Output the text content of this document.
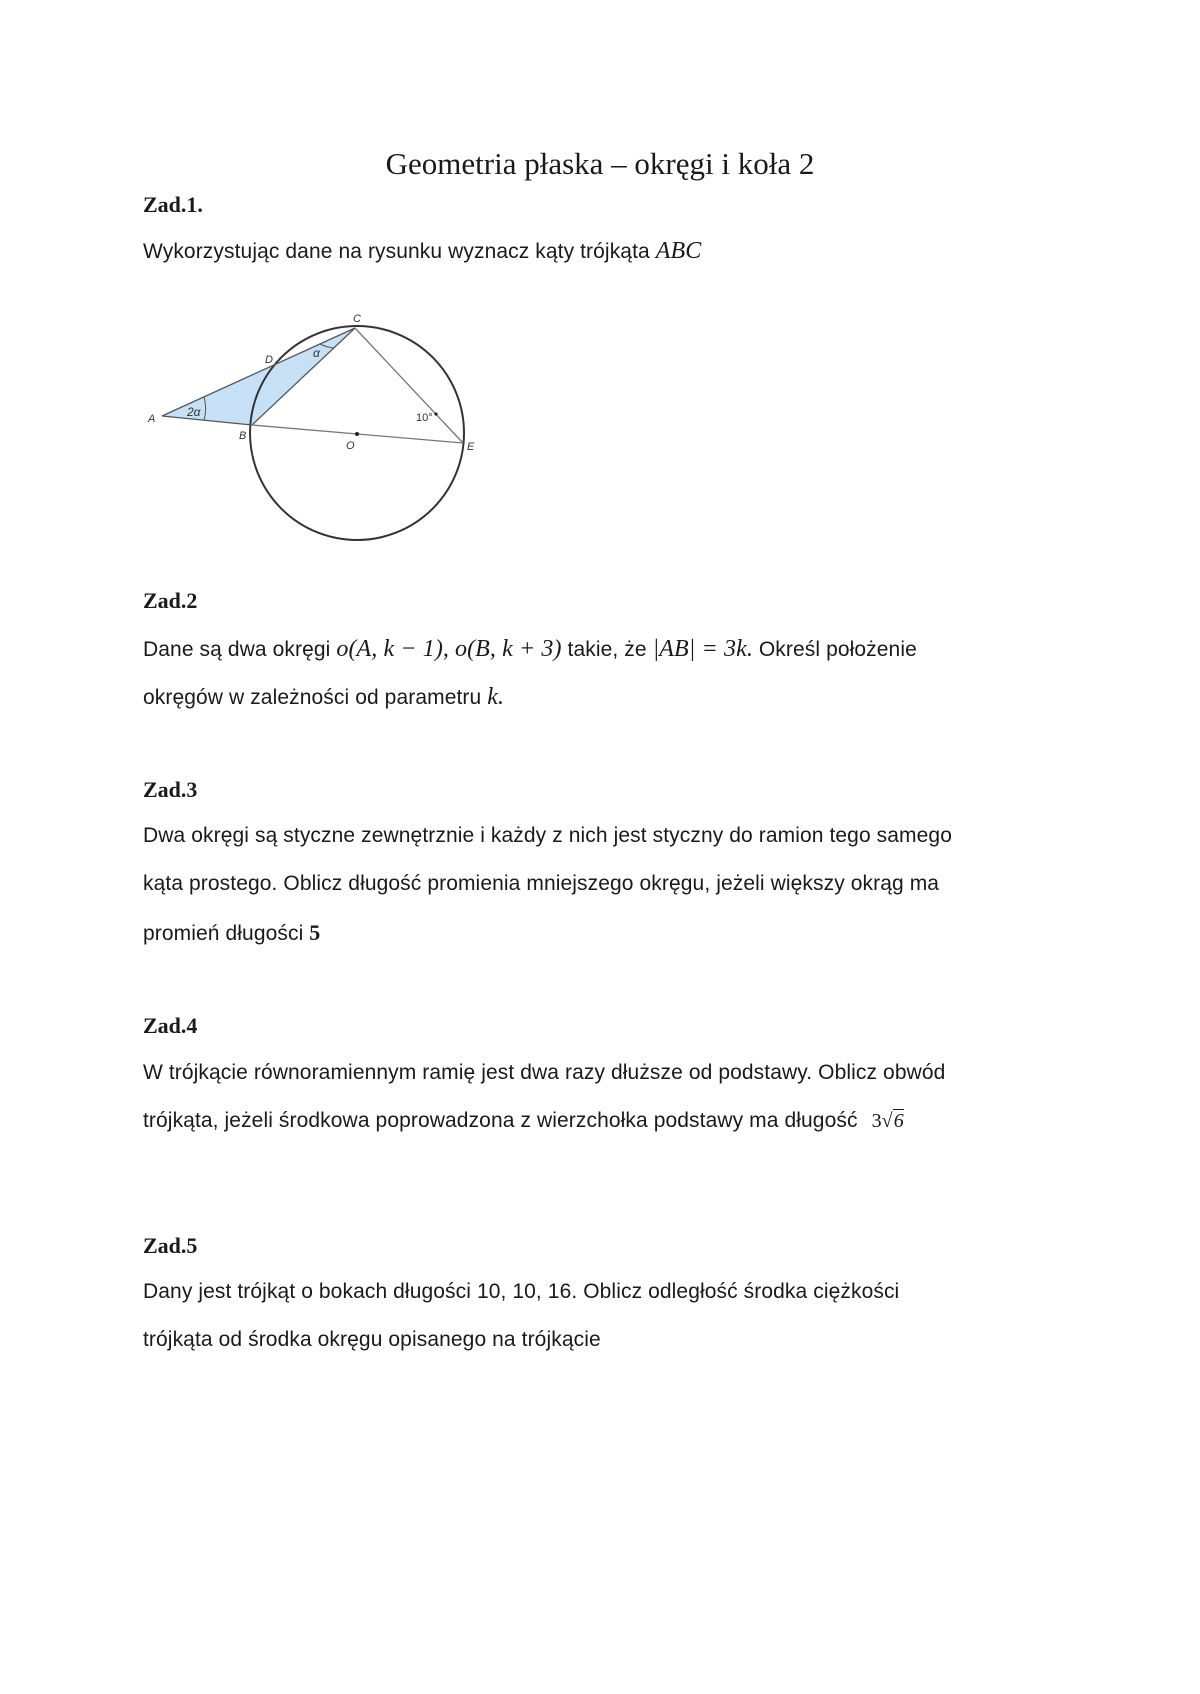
Geometria płaska – okręgi i koła 2
Zad.1.
Wykorzystując dane na rysunku wyznacz kąty trójkąta ABC
A
B
C
D
E
O
2α
α
10°
Zad.2
Dane są dwa okręgi o(A, k − 1), o(B, k + 3) takie, że |AB| = 3k. Określ położenie
okręgów w zależności od parametru k.
Zad.3
Dwa okręgi są styczne zewnętrznie i każdy z nich jest styczny do ramion tego samego
kąta prostego. Oblicz długość promienia mniejszego okręgu, jeżeli większy okrąg ma
promień długości 5
Zad.4
W trójkącie równoramiennym ramię jest dwa razy dłuższe od podstawy. Oblicz obwód
trójkąta, jeżeli środkowa poprowadzona z wierzchołka podstawy ma długość 3√6
Zad.5
Dany jest trójkąt o bokach długości 10, 10, 16. Oblicz odległość środka ciężkości
trójkąta od środka okręgu opisanego na trójkącie
